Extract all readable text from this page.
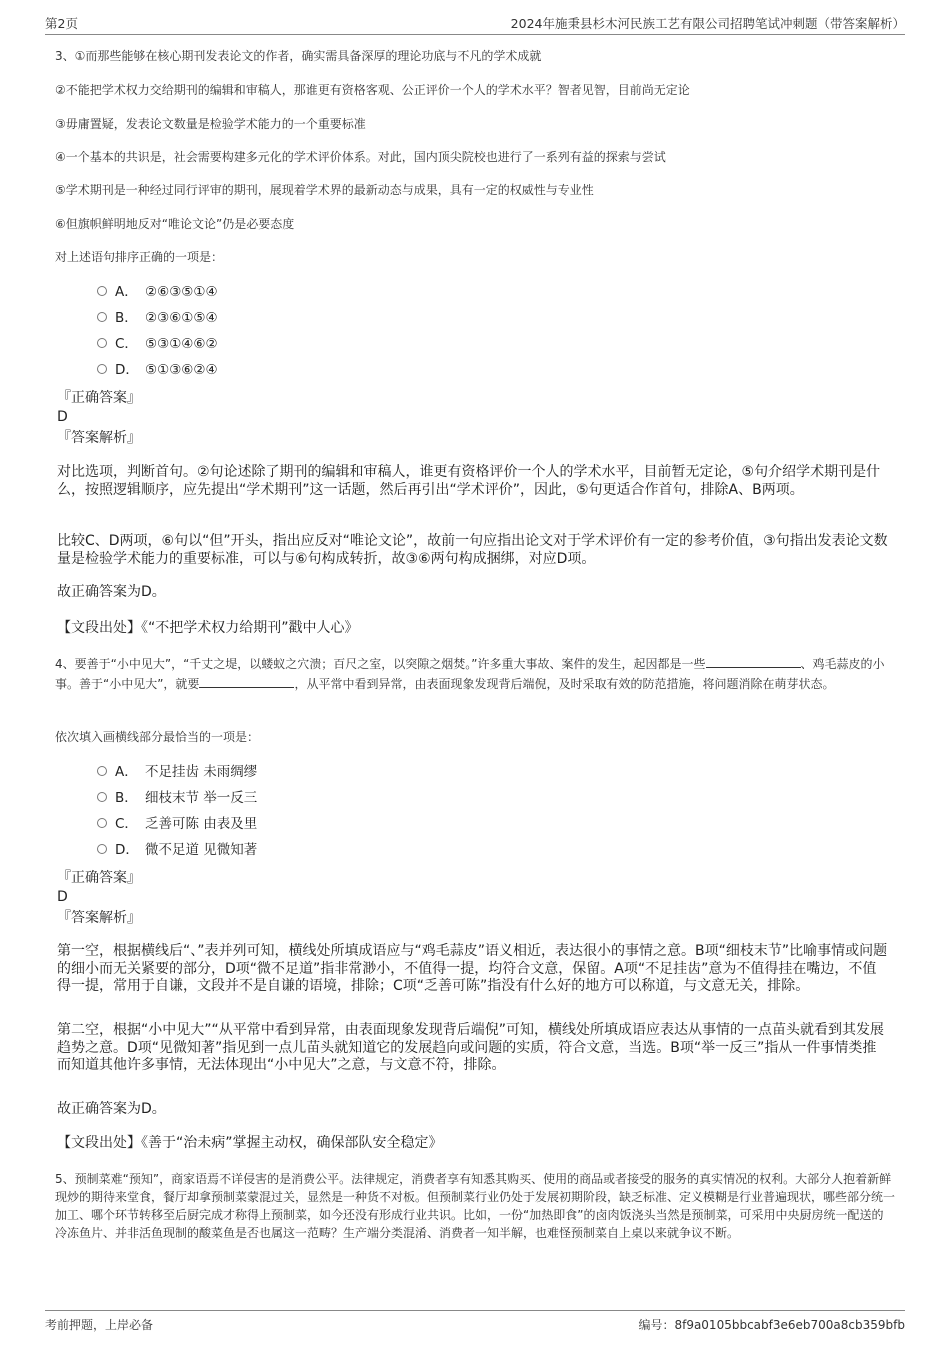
第2页	2024年施秉县杉木河民族工艺有限公司招聘笔试冲刺题（带答案解析）

3、①而那些能够在核心期刊发表论文的作者，确实需具备深厚的理论功底与不凡的学术成就

②不能把学术权力交给期刊的编辑和审稿人，那谁更有资格客观、公正评价一个人的学术水平？智者见智，目前尚无定论

③毋庸置疑，发表论文数量是检验学术能力的一个重要标准

④一个基本的共识是，社会需要构建多元化的学术评价体系。对此，国内顶尖院校也进行了一系列有益的探索与尝试

⑤学术期刊是一种经过同行评审的期刊，展现着学术界的最新动态与成果，具有一定的权威性与专业性

⑥但旗帜鲜明地反对“唯论文论”仍是必要态度

对上述语句排序正确的一项是：

A． ②⑥③⑤①④
B． ②③⑥①⑤④
C． ⑤③①④⑥②
D． ⑤①③⑥②④

『正确答案』

D

『答案解析』

对比选项，判断首句。②句论述除了期刊的编辑和审稿人，谁更有资格评价一个人的学术水平，目前暂无定论，⑤句介绍学术期刊是什么，按照逻辑顺序，应先提出“学术期刊”这一话题，然后再引出“学术评价”，因此，⑤句更适合作首句，排除A、B两项。

比较C、D两项，⑥句以“但”开头，指出应反对“唯论文论”，故前一句应指出论文对于学术评价有一定的参考价值，③句指出发表论文数量是检验学术能力的重要标准，可以与⑥句构成转折，故③⑥两句构成捆绑，对应D项。

故正确答案为D。

【文段出处】《“不把学术权力给期刊”戳中人心》

4、要善于“小中见大”，“千丈之堤，以蝼蚁之穴溃；百尺之室，以突隙之烟焚。”许多重大事故、案件的发生，起因都是一些	、鸡毛蒜皮的小事。善于“小中见大”，就要	，从平常中看到异常，由表面现象发现背后端倪，及时采取有效的防范措施，将问题消除在萌芽状态。

依次填入画横线部分最恰当的一项是：

A． 不足挂齿 未雨绸缪
B． 细枝末节 举一反三
C． 乏善可陈 由表及里
D． 微不足道 见微知著

『正确答案』

D

『答案解析』

第一空，根据横线后“、”表并列可知，横线处所填成语应与“鸡毛蒜皮”语义相近，表达很小的事情之意。B项“细枝末节”比喻事情或问题的细小而无关紧要的部分，D项“微不足道”指非常渺小，不值得一提，均符合文意，保留。A项“不足挂齿”意为不值得挂在嘴边，不值得一提，常用于自谦，文段并不是自谦的语境，排除；C项“乏善可陈”指没有什么好的地方可以称道，与文意无关，排除。

第二空，根据“小中见大”“从平常中看到异常，由表面现象发现背后端倪”可知，横线处所填成语应表达从事情的一点苗头就看到其发展趋势之意。D项“见微知著”指见到一点儿苗头就知道它的发展趋向或问题的实质，符合文意，当选。B项“举一反三”指从一件事情类推而知道其他许多事情，无法体现出“小中见大”之意，与文意不符，排除。

故正确答案为D。

【文段出处】《善于“治未病”掌握主动权，确保部队安全稳定》

5、预制菜难“预知”，商家语焉不详侵害的是消费公平。法律规定，消费者享有知悉其购买、使用的商品或者接受的服务的真实情况的权利。大部分人抱着新鲜现炒的期待来堂食，餐厅却拿预制菜蒙混过关，显然是一种货不对板。但预制菜行业仍处于发展初期阶段，缺乏标准、定义模糊是行业普遍现状，哪些部分统一加工、哪个环节转移至后厨完成才称得上预制菜，如今还没有形成行业共识。比如，一份“加热即食”的卤肉饭浇头当然是预制菜，可采用中央厨房统一配送的冷冻鱼片、并非活鱼现制的酸菜鱼是否也属这一范畴？生产端分类混淆、消费者一知半解，也难怪预制菜自上桌以来就争议不断。

考前押题，上岸必备	编号：8f9a0105bbcabf3e6eb700a8cb359bfb
